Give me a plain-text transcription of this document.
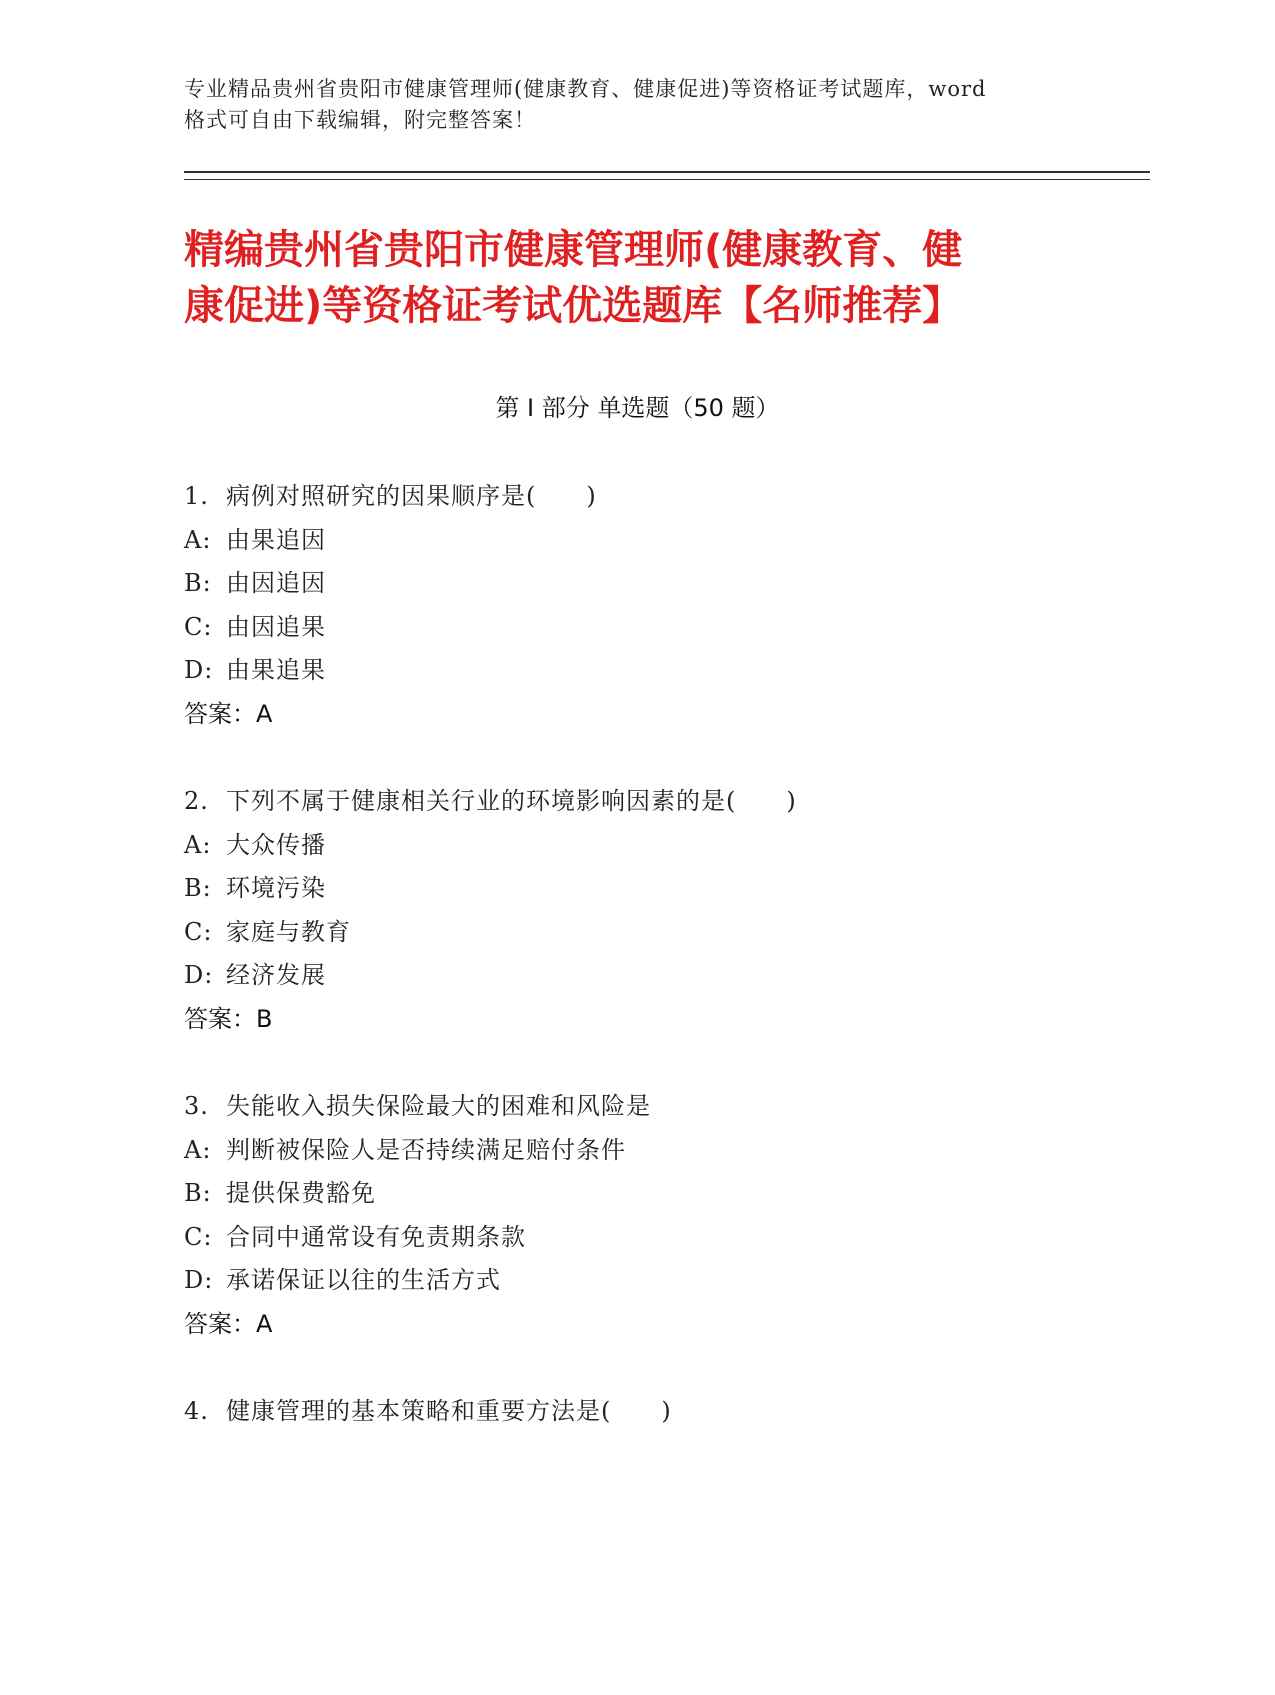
专业精品贵州省贵阳市健康管理师(健康教育、健康促进)等资格证考试题库，word
格式可自由下载编辑，附完整答案！
精编贵州省贵阳市健康管理师(健康教育、健
康促进)等资格证考试优选题库【名师推荐】
第 I 部分 单选题（50 题）
1. 病例对照研究的因果顺序是(　　)
A: 由果追因
B: 由因追因
C: 由因追果
D: 由果追果
答案：A
2. 下列不属于健康相关行业的环境影响因素的是(　　)
A: 大众传播
B: 环境污染
C: 家庭与教育
D: 经济发展
答案：B
3. 失能收入损失保险最大的困难和风险是
A: 判断被保险人是否持续满足赔付条件
B: 提供保费豁免
C: 合同中通常设有免责期条款
D: 承诺保证以往的生活方式
答案：A
4. 健康管理的基本策略和重要方法是(　　)
